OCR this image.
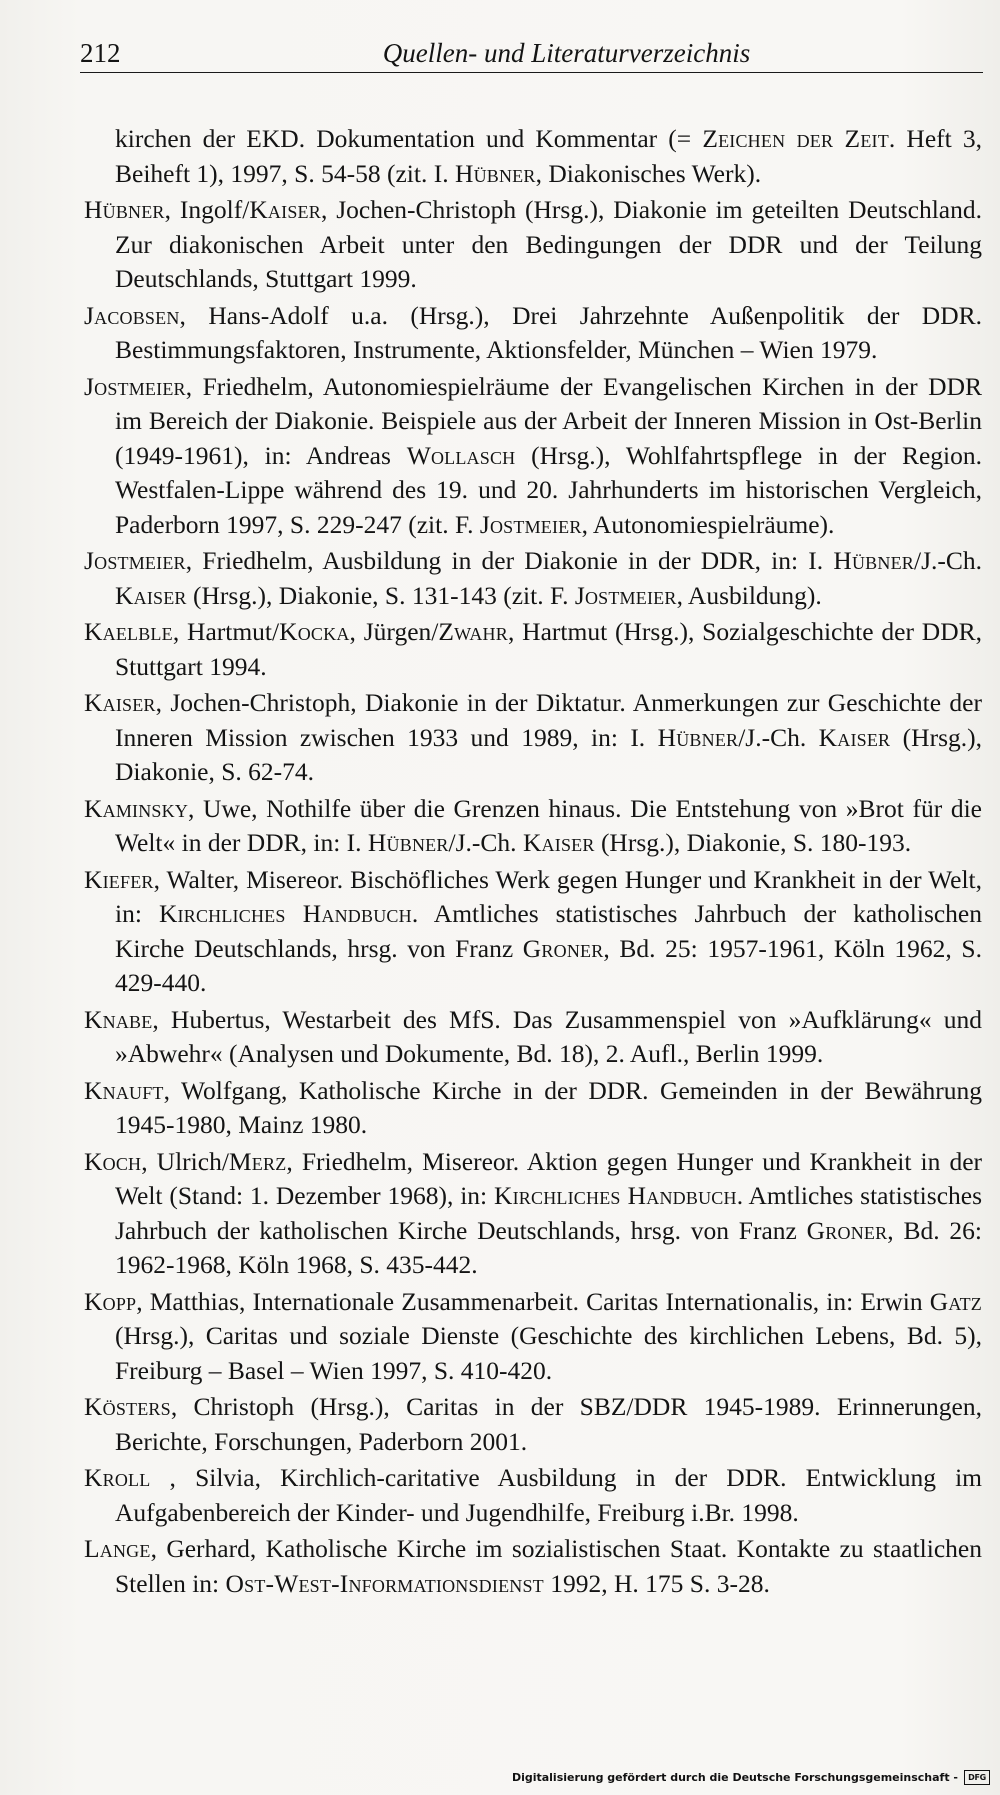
212	Quellen- und Literaturverzeichnis

kirchen der EKD. Dokumentation und Kommentar (= Zeichen der Zeit. Heft 3, Beiheft 1), 1997, S. 54-58 (zit. I. Hübner, Diakonisches Werk).

Hübner, Ingolf/Kaiser, Jochen-Christoph (Hrsg.), Diakonie im geteilten Deutschland. Zur diakonischen Arbeit unter den Bedingungen der DDR und der Teilung Deutschlands, Stuttgart 1999.

Jacobsen, Hans-Adolf u.a. (Hrsg.), Drei Jahrzehnte Außenpolitik der DDR. Bestimmungsfaktoren, Instrumente, Aktionsfelder, München – Wien 1979.

Jostmeier, Friedhelm, Autonomiespielräume der Evangelischen Kirchen in der DDR im Bereich der Diakonie. Beispiele aus der Arbeit der Inneren Mission in Ost-Berlin (1949-1961), in: Andreas Wollasch (Hrsg.), Wohlfahrtspflege in der Region. Westfalen-Lippe während des 19. und 20. Jahrhunderts im historischen Vergleich, Paderborn 1997, S. 229-247 (zit. F. Jostmeier, Autonomiespielräume).

Jostmeier, Friedhelm, Ausbildung in der Diakonie in der DDR, in: I. Hübner/J.-Ch. Kaiser (Hrsg.), Diakonie, S. 131-143 (zit. F. Jostmeier, Ausbildung).

Kaelble, Hartmut/Kocka, Jürgen/Zwahr, Hartmut (Hrsg.), Sozialgeschichte der DDR, Stuttgart 1994.

Kaiser, Jochen-Christoph, Diakonie in der Diktatur. Anmerkungen zur Geschichte der Inneren Mission zwischen 1933 und 1989, in: I. Hübner/J.-Ch. Kaiser (Hrsg.), Diakonie, S. 62-74.

Kaminsky, Uwe, Nothilfe über die Grenzen hinaus. Die Entstehung von »Brot für die Welt« in der DDR, in: I. Hübner/J.-Ch. Kaiser (Hrsg.), Diakonie, S. 180-193.

Kiefer, Walter, Misereor. Bischöfliches Werk gegen Hunger und Krankheit in der Welt, in: Kirchliches Handbuch. Amtliches statistisches Jahrbuch der katholischen Kirche Deutschlands, hrsg. von Franz Groner, Bd. 25: 1957-1961, Köln 1962, S. 429-440.

Knabe, Hubertus, Westarbeit des MfS. Das Zusammenspiel von »Aufklärung« und »Abwehr« (Analysen und Dokumente, Bd. 18), 2. Aufl., Berlin 1999.

Knauft, Wolfgang, Katholische Kirche in der DDR. Gemeinden in der Bewährung 1945-1980, Mainz 1980.

Koch, Ulrich/Merz, Friedhelm, Misereor. Aktion gegen Hunger und Krankheit in der Welt (Stand: 1. Dezember 1968), in: Kirchliches Handbuch. Amtliches statistisches Jahrbuch der katholischen Kirche Deutschlands, hrsg. von Franz Groner, Bd. 26: 1962-1968, Köln 1968, S. 435-442.

Kopp, Matthias, Internationale Zusammenarbeit. Caritas Internationalis, in: Erwin Gatz (Hrsg.), Caritas und soziale Dienste (Geschichte des kirchlichen Lebens, Bd. 5), Freiburg – Basel – Wien 1997, S. 410-420.

Kösters, Christoph (Hrsg.), Caritas in der SBZ/DDR 1945-1989. Erinnerungen, Berichte, Forschungen, Paderborn 2001.

Kroll , Silvia, Kirchlich-caritative Ausbildung in der DDR. Entwicklung im Aufgabenbereich der Kinder- und Jugendhilfe, Freiburg i.Br. 1998.

Lange, Gerhard, Katholische Kirche im sozialistischen Staat. Kontakte zu staatlichen Stellen in: Ost-West-Informationsdienst 1992, H. 175 S. 3-28.

Digitalisierung gefördert durch die Deutsche Forschungsgemeinschaft -	DFG
